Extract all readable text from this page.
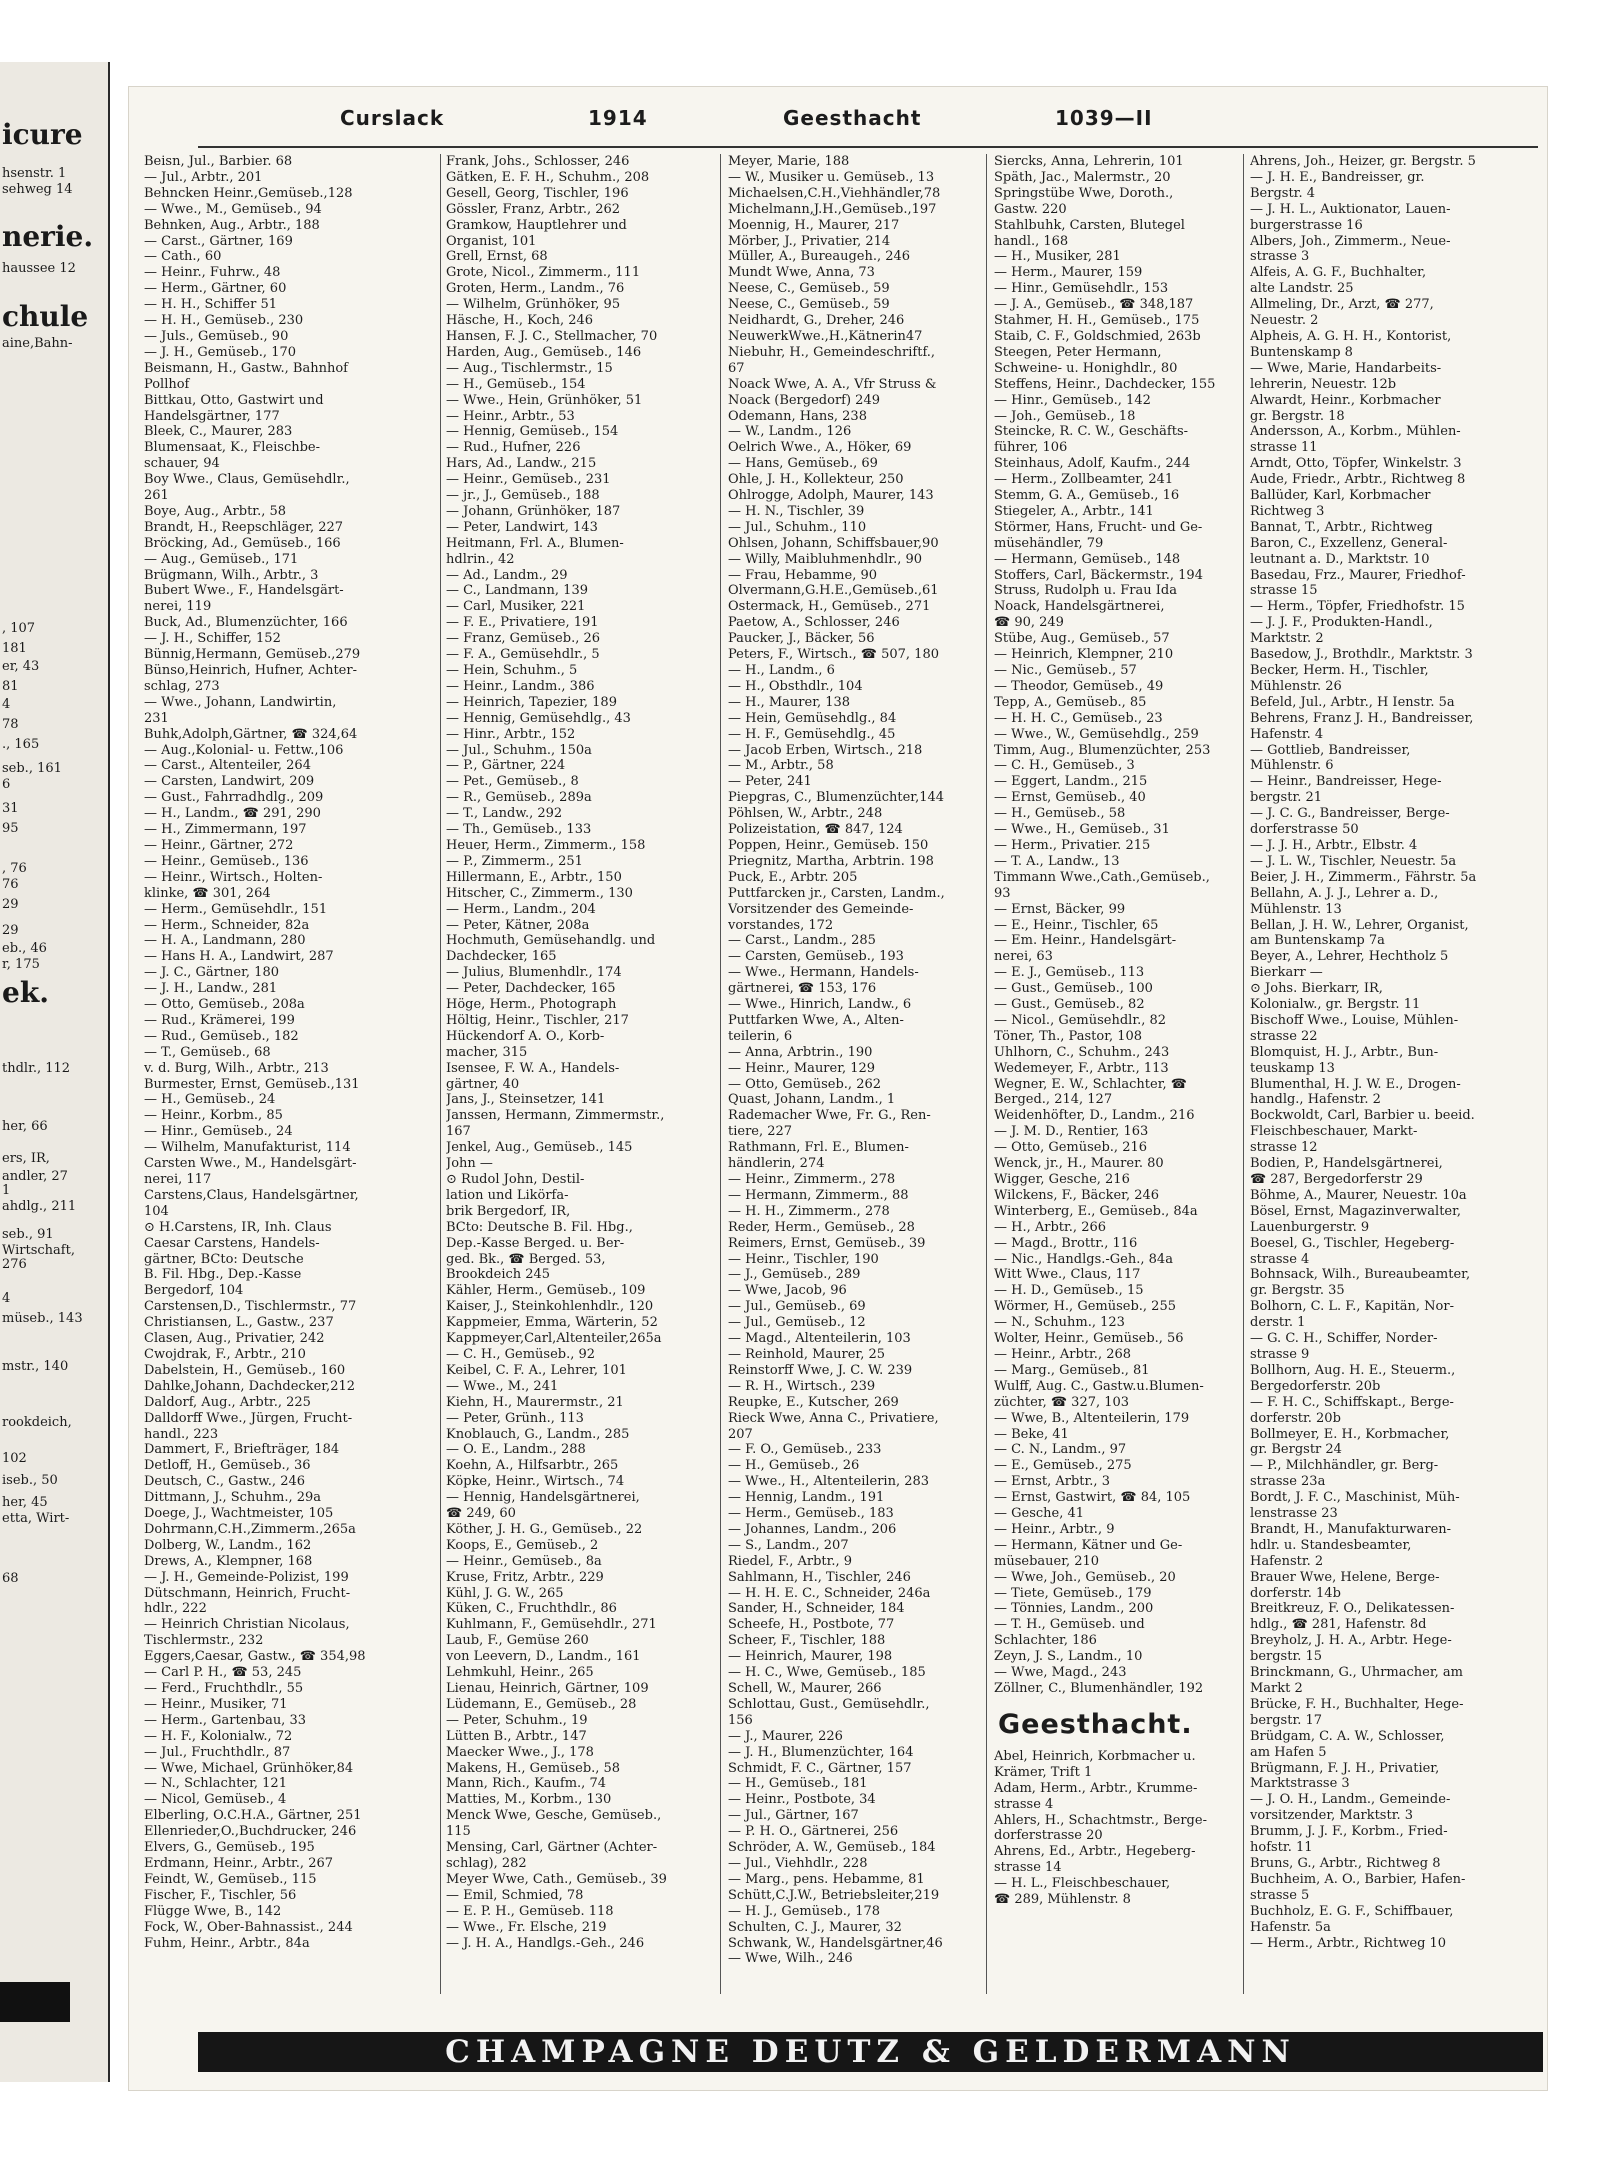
icure
hsenstr. 1
sehweg 14
nerie.
haussee 12
chule
aine,Bahn-
, 107
181
er, 43
81
4
78
., 165
seb., 161
6
31
95
, 76
76
29
29
eb., 46
r, 175
ek.
thdlr., 112
her, 66
ers, IR,
andler, 27
1
ahdlg., 211
seb., 91
Wirtschaft,
276
4
müseb., 143
mstr., 140
rookdeich,
102
iseb., 50
her, 45
etta, Wirt-
68
Curslack	1914	Geesthacht	1039—II
Beisn, Jul., Barbier. 68
— Jul., Arbtr., 201
Behncken Heinr.,Gemüseb.,128
— Wwe., M., Gemüseb., 94
Behnken, Aug., Arbtr., 188
— Carst., Gärtner, 169
— Cath., 60
— Heinr., Fuhrw., 48
— Herm., Gärtner, 60
— H. H., Schiffer 51
— H. H., Gemüseb., 230
— Juls., Gemüseb., 90
— J. H., Gemüseb., 170
Beismann, H., Gastw., Bahnhof
Pollhof
Bittkau, Otto, Gastwirt und
Handelsgärtner, 177
Bleek, C., Maurer, 283
Blumensaat, K., Fleischbe-
schauer, 94
Boy Wwe., Claus, Gemüsehdlr.,
261
Boye, Aug., Arbtr., 58
Brandt, H., Reepschläger, 227
Bröcking, Ad., Gemüseb., 166
— Aug., Gemüseb., 171
Brügmann, Wilh., Arbtr., 3
Bubert Wwe., F., Handelsgärt-
nerei, 119
Buck, Ad., Blumenzüchter, 166
— J. H., Schiffer, 152
Bünnig,Hermann, Gemüseb.,279
Bünso,Heinrich, Hufner, Achter-
schlag, 273
— Wwe., Johann, Landwirtin,
231
Buhk,Adolph,Gärtner, ☎ 324,64
— Aug.,Kolonial- u. Fettw.,106
— Carst., Altenteiler, 264
— Carsten, Landwirt, 209
— Gust., Fahrradhdlg., 209
— H., Landm., ☎ 291, 290
— H., Zimmermann, 197
— Heinr., Gärtner, 272
— Heinr., Gemüseb., 136
— Heinr., Wirtsch., Holten-
klinke, ☎ 301, 264
— Herm., Gemüsehdlr., 151
— Herm., Schneider, 82a
— H. A., Landmann, 280
— Hans H. A., Landwirt, 287
— J. C., Gärtner, 180
— J. H., Landw., 281
— Otto, Gemüseb., 208a
— Rud., Krämerei, 199
— Rud., Gemüseb., 182
— T., Gemüseb., 68
v. d. Burg, Wilh., Arbtr., 213
Burmester, Ernst, Gemüseb.,131
— H., Gemüseb., 24
— Heinr., Korbm., 85
— Hinr., Gemüseb., 24
— Wilhelm, Manufakturist, 114
Carsten Wwe., M., Handelsgärt-
nerei, 117
Carstens,Claus, Handelsgärtner,
104
⊙ H.Carstens, IR, Inh. Claus
Caesar Carstens, Handels-
gärtner, BCto: Deutsche
B. Fil. Hbg., Dep.-Kasse
Bergedorf, 104
Carstensen,D., Tischlermstr., 77
Christiansen, L., Gastw., 237
Clasen, Aug., Privatier, 242
Cwojdrak, F., Arbtr., 210
Dabelstein, H., Gemüseb., 160
Dahlke,Johann, Dachdecker,212
Daldorf, Aug., Arbtr., 225
Dalldorff Wwe., Jürgen, Frucht-
handl., 223
Dammert, F., Briefträger, 184
Detloff, H., Gemüseb., 36
Deutsch, C., Gastw., 246
Dittmann, J., Schuhm., 29a
Doege, J., Wachtmeister, 105
Dohrmann,C.H.,Zimmerm.,265a
Dolberg, W., Landm., 162
Drews, A., Klempner, 168
— J. H., Gemeinde-Polizist, 199
Dütschmann, Heinrich, Frucht-
hdlr., 222
— Heinrich Christian Nicolaus,
Tischlermstr., 232
Eggers,Caesar, Gastw., ☎ 354,98
— Carl P. H., ☎ 53, 245
— Ferd., Fruchthdlr., 55
— Heinr., Musiker, 71
— Herm., Gartenbau, 33
— H. F., Kolonialw., 72
— Jul., Fruchthdlr., 87
— Wwe, Michael, Grünhöker,84
— N., Schlachter, 121
— Nicol, Gemüseb., 4
Elberling, O.C.H.A., Gärtner, 251
Ellenrieder,O.,Buchdrucker, 246
Elvers, G., Gemüseb., 195
Erdmann, Heinr., Arbtr., 267
Feindt, W., Gemüseb., 115
Fischer, F., Tischler, 56
Flügge Wwe, B., 142
Fock, W., Ober-Bahnassist., 244
Fuhm, Heinr., Arbtr., 84a
Frank, Johs., Schlosser, 246
Gätken, E. F. H., Schuhm., 208
Gesell, Georg, Tischler, 196
Gössler, Franz, Arbtr., 262
Gramkow, Hauptlehrer und
Organist, 101
Grell, Ernst, 68
Grote, Nicol., Zimmerm., 111
Groten, Herm., Landm., 76
— Wilhelm, Grünhöker, 95
Häsche, H., Koch, 246
Hansen, F. J. C., Stellmacher, 70
Harden, Aug., Gemüseb., 146
— Aug., Tischlermstr., 15
— H., Gemüseb., 154
— Wwe., Hein, Grünhöker, 51
— Heinr., Arbtr., 53
— Hennig, Gemüseb., 154
— Rud., Hufner, 226
Hars, Ad., Landw., 215
— Heinr., Gemüseb., 231
— jr., J., Gemüseb., 188
— Johann, Grünhöker, 187
— Peter, Landwirt, 143
Heitmann, Frl. A., Blumen-
hdlrin., 42
— Ad., Landm., 29
— C., Landmann, 139
— Carl, Musiker, 221
— F. E., Privatiere, 191
— Franz, Gemüseb., 26
— F. A., Gemüsehdlr., 5
— Hein, Schuhm., 5
— Heinr., Landm., 386
— Heinrich, Tapezier, 189
— Hennig, Gemüsehdlg., 43
— Hinr., Arbtr., 152
— Jul., Schuhm., 150a
— P., Gärtner, 224
— Pet., Gemüseb., 8
— R., Gemüseb., 289a
— T., Landw., 292
— Th., Gemüseb., 133
Heuer, Herm., Zimmerm., 158
— P., Zimmerm., 251
Hillermann, E., Arbtr., 150
Hitscher, C., Zimmerm., 130
— Herm., Landm., 204
— Peter, Kätner, 208a
Hochmuth, Gemüsehandlg. und
Dachdecker, 165
— Julius, Blumenhdlr., 174
— Peter, Dachdecker, 165
Höge, Herm., Photograph
Höltig, Heinr., Tischler, 217
Hückendorf A. O., Korb-
macher, 315
Isensee, F. W. A., Handels-
gärtner, 40
Jans, J., Steinsetzer, 141
Janssen, Hermann, Zimmermstr.,
167
Jenkel, Aug., Gemüseb., 145
John —
⊙ Rudol John, Destil-
lation und Likörfa-
brik Bergedorf, IR,
BCto: Deutsche B. Fil. Hbg.,
Dep.-Kasse Berged. u. Ber-
ged. Bk., ☎ Berged. 53,
Brookdeich 245
Kähler, Herm., Gemüseb., 109
Kaiser, J., Steinkohlenhdlr., 120
Kappmeier, Emma, Wärterin, 52
Kappmeyer,Carl,Altenteiler,265a
— C. H., Gemüseb., 92
Keibel, C. F. A., Lehrer, 101
— Wwe., M., 241
Kiehn, H., Maurermstr., 21
— Peter, Grünh., 113
Knoblauch, G., Landm., 285
— O. E., Landm., 288
Koehn, A., Hilfsarbtr., 265
Köpke, Heinr., Wirtsch., 74
— Hennig, Handelsgärtnerei,
☎ 249, 60
Köther, J. H. G., Gemüseb., 22
Koops, E., Gemüseb., 2
— Heinr., Gemüseb., 8a
Kruse, Fritz, Arbtr., 229
Kühl, J. G. W., 265
Küken, C., Fruchthdlr., 86
Kuhlmann, F., Gemüsehdlr., 271
Laub, F., Gemüse 260
von Leevern, D., Landm., 161
Lehmkuhl, Heinr., 265
Lienau, Heinrich, Gärtner, 109
Lüdemann, E., Gemüseb., 28
— Peter, Schuhm., 19
Lütten B., Arbtr., 147
Maecker Wwe., J., 178
Makens, H., Gemüseb., 58
Mann, Rich., Kaufm., 74
Matties, M., Korbm., 130
Menck Wwe, Gesche, Gemüseb.,
115
Mensing, Carl, Gärtner (Achter-
schlag), 282
Meyer Wwe, Cath., Gemüseb., 39
— Emil, Schmied, 78
— E. P. H., Gemüseb. 118
— Wwe., Fr. Elsche, 219
— J. H. A., Handlgs.-Geh., 246
Meyer, Marie, 188
— W., Musiker u. Gemüseb., 13
Michaelsen,C.H.,Viehhändler,78
Michelmann,J.H.,Gemüseb.,197
Moennig, H., Maurer, 217
Mörber, J., Privatier, 214
Müller, A., Bureaugeh., 246
Mundt Wwe, Anna, 73
Neese, C., Gemüseb., 59
Neese, C., Gemüseb., 59
Neidhardt, G., Dreher, 246
NeuwerkWwe.,H.,Kätnerin47
Niebuhr, H., Gemeindeschriftf.,
67
Noack Wwe, A. A., Vfr Struss &
Noack (Bergedorf) 249
Odemann, Hans, 238
— W., Landm., 126
Oelrich Wwe., A., Höker, 69
— Hans, Gemüseb., 69
Ohle, J. H., Kollekteur, 250
Ohlrogge, Adolph, Maurer, 143
— H. N., Tischler, 39
— Jul., Schuhm., 110
Ohlsen, Johann, Schiffsbauer,90
— Willy, Maibluhmenhdlr., 90
— Frau, Hebamme, 90
Olvermann,G.H.E.,Gemüseb.,61
Ostermack, H., Gemüseb., 271
Paetow, A., Schlosser, 246
Paucker, J., Bäcker, 56
Peters, F., Wirtsch., ☎ 507, 180
— H., Landm., 6
— H., Obsthdlr., 104
— H., Maurer, 138
— Hein, Gemüsehdlg., 84
— H. F., Gemüsehdlg., 45
— Jacob Erben, Wirtsch., 218
— M., Arbtr., 58
— Peter, 241
Piepgras, C., Blumenzüchter,144
Pöhlsen, W., Arbtr., 248
Polizeistation, ☎ 847, 124
Poppen, Heinr., Gemüseb. 150
Priegnitz, Martha, Arbtrin. 198
Puck, E., Arbtr. 205
Puttfarcken jr., Carsten, Landm.,
Vorsitzender des Gemeinde-
vorstandes, 172
— Carst., Landm., 285
— Carsten, Gemüseb., 193
— Wwe., Hermann, Handels-
gärtnerei, ☎ 153, 176
— Wwe., Hinrich, Landw., 6
Puttfarken Wwe, A., Alten-
teilerin, 6
— Anna, Arbtrin., 190
— Heinr., Maurer, 129
— Otto, Gemüseb., 262
Quast, Johann, Landm., 1
Rademacher Wwe, Fr. G., Ren-
tiere, 227
Rathmann, Frl. E., Blumen-
händlerin, 274
— Heinr., Zimmerm., 278
— Hermann, Zimmerm., 88
— H. H., Zimmerm., 278
Reder, Herm., Gemüseb., 28
Reimers, Ernst, Gemüseb., 39
— Heinr., Tischler, 190
— J., Gemüseb., 289
— Wwe, Jacob, 96
— Jul., Gemüseb., 69
— Jul., Gemüseb., 12
— Magd., Altenteilerin, 103
— Reinhold, Maurer, 25
Reinstorff Wwe, J. C. W. 239
— R. H., Wirtsch., 239
Reupke, E., Kutscher, 269
Rieck Wwe, Anna C., Privatiere,
207
— F. O., Gemüseb., 233
— H., Gemüseb., 26
— Wwe., H., Altenteilerin, 283
— Hennig, Landm., 191
— Herm., Gemüseb., 183
— Johannes, Landm., 206
— S., Landm., 207
Riedel, F., Arbtr., 9
Sahlmann, H., Tischler, 246
— H. H. E. C., Schneider, 246a
Sander, H., Schneider, 184
Scheefe, H., Postbote, 77
Scheer, F., Tischler, 188
— Heinrich, Maurer, 198
— H. C., Wwe, Gemüseb., 185
Schell, W., Maurer, 266
Schlottau, Gust., Gemüsehdlr.,
156
— J., Maurer, 226
— J. H., Blumenzüchter, 164
Schmidt, F. C., Gärtner, 157
— H., Gemüseb., 181
— Heinr., Postbote, 34
— Jul., Gärtner, 167
— P. H. O., Gärtnerei, 256
Schröder, A. W., Gemüseb., 184
— Jul., Viehhdlr., 228
— Marg., pens. Hebamme, 81
Schütt,C.J.W., Betriebsleiter,219
— H. J., Gemüseb., 178
Schulten, C. J., Maurer, 32
Schwank, W., Handelsgärtner,46
— Wwe, Wilh., 246
Siercks, Anna, Lehrerin, 101
Späth, Jac., Malermstr., 20
Springstübe Wwe, Doroth.,
Gastw. 220
Stahlbuhk, Carsten, Blutegel
handl., 168
— H., Musiker, 281
— Herm., Maurer, 159
— Hinr., Gemüsehdlr., 153
— J. A., Gemüseb., ☎ 348,187
Stahmer, H. H., Gemüseb., 175
Staib, C. F., Goldschmied, 263b
Steegen, Peter Hermann,
Schweine- u. Honighdlr., 80
Steffens, Heinr., Dachdecker, 155
— Hinr., Gemüseb., 142
— Joh., Gemüseb., 18
Steincke, R. C. W., Geschäfts-
führer, 106
Steinhaus, Adolf, Kaufm., 244
— Herm., Zollbeamter, 241
Stemm, G. A., Gemüseb., 16
Stiegeler, A., Arbtr., 141
Störmer, Hans, Frucht- und Ge-
müsehändler, 79
— Hermann, Gemüseb., 148
Stoffers, Carl, Bäckermstr., 194
Struss, Rudolph u. Frau Ida
Noack, Handelsgärtnerei,
☎ 90, 249
Stübe, Aug., Gemüseb., 57
— Heinrich, Klempner, 210
— Nic., Gemüseb., 57
— Theodor, Gemüseb., 49
Tepp, A., Gemüseb., 85
— H. H. C., Gemüseb., 23
— Wwe., W., Gemüsehdlg., 259
Timm, Aug., Blumenzüchter, 253
— C. H., Gemüseb., 3
— Eggert, Landm., 215
— Ernst, Gemüseb., 40
— H., Gemüseb., 58
— Wwe., H., Gemüseb., 31
— Herm., Privatier. 215
— T. A., Landw., 13
Timmann Wwe.,Cath.,Gemüseb.,
93
— Ernst, Bäcker, 99
— E., Heinr., Tischler, 65
— Em. Heinr., Handelsgärt-
nerei, 63
— E. J., Gemüseb., 113
— Gust., Gemüseb., 100
— Gust., Gemüseb., 82
— Nicol., Gemüsehdlr., 82
Töner, Th., Pastor, 108
Uhlhorn, C., Schuhm., 243
Wedemeyer, F., Arbtr., 113
Wegner, E. W., Schlachter, ☎
Berged., 214, 127
Weidenhöfter, D., Landm., 216
— J. M. D., Rentier, 163
— Otto, Gemüseb., 216
Wenck, jr., H., Maurer. 80
Wigger, Gesche, 216
Wilckens, F., Bäcker, 246
Winterberg, E., Gemüseb., 84a
— H., Arbtr., 266
— Magd., Brottr., 116
— Nic., Handlgs.-Geh., 84a
Witt Wwe., Claus, 117
— H. D., Gemüseb., 15
Wörmer, H., Gemüseb., 255
— N., Schuhm., 123
Wolter, Heinr., Gemüseb., 56
— Heinr., Arbtr., 268
— Marg., Gemüseb., 81
Wulff, Aug. C., Gastw.u.Blumen-
züchter, ☎ 327, 103
— Wwe, B., Altenteilerin, 179
— Beke, 41
— C. N., Landm., 97
— E., Gemüseb., 275
— Ernst, Arbtr., 3
— Ernst, Gastwirt, ☎ 84, 105
— Gesche, 41
— Heinr., Arbtr., 9
— Hermann, Kätner und Ge-
müsebauer, 210
— Wwe, Joh., Gemüseb., 20
— Tiete, Gemüseb., 179
— Tönnies, Landm., 200
— T. H., Gemüseb. und
Schlachter, 186
Zeyn, J. S., Landm., 10
— Wwe, Magd., 243
Zöllner, C., Blumenhändler, 192
Geesthacht.
Abel, Heinrich, Korbmacher u.
Krämer, Trift 1
Adam, Herm., Arbtr., Krumme-
strasse 4
Ahlers, H., Schachtmstr., Berge-
dorferstrasse 20
Ahrens, Ed., Arbtr., Hegeberg-
strasse 14
— H. L., Fleischbeschauer,
☎ 289, Mühlenstr. 8
Ahrens, Joh., Heizer, gr. Bergstr. 5
— J. H. E., Bandreisser, gr.
Bergstr. 4
— J. H. L., Auktionator, Lauen-
burgerstrasse 16
Albers, Joh., Zimmerm., Neue-
strasse 3
Alfeis, A. G. F., Buchhalter,
alte Landstr. 25
Allmeling, Dr., Arzt, ☎ 277,
Neuestr. 2
Alpheis, A. G. H. H., Kontorist,
Buntenskamp 8
— Wwe, Marie, Handarbeits-
lehrerin, Neuestr. 12b
Alwardt, Heinr., Korbmacher
gr. Bergstr. 18
Andersson, A., Korbm., Mühlen-
strasse 11
Arndt, Otto, Töpfer, Winkelstr. 3
Aude, Friedr., Arbtr., Richtweg 8
Ballüder, Karl, Korbmacher
Richtweg 3
Bannat, T., Arbtr., Richtweg
Baron, C., Exzellenz, General-
leutnant a. D., Marktstr. 10
Basedau, Frz., Maurer, Friedhof-
strasse 15
— Herm., Töpfer, Friedhofstr. 15
— J. J. F., Produkten-Handl.,
Marktstr. 2
Basedow, J., Brothdlr., Marktstr. 3
Becker, Herm. H., Tischler,
Mühlenstr. 26
Befeld, Jul., Arbtr., H Ienstr. 5a
Behrens, Franz J. H., Bandreisser,
Hafenstr. 4
— Gottlieb, Bandreisser,
Mühlenstr. 6
— Heinr., Bandreisser, Hege-
bergstr. 21
— J. C. G., Bandreisser, Berge-
dorferstrasse 50
— J. J. H., Arbtr., Elbstr. 4
— J. L. W., Tischler, Neuestr. 5a
Beier, J. H., Zimmerm., Fährstr. 5a
Bellahn, A. J. J., Lehrer a. D.,
Mühlenstr. 13
Bellan, J. H. W., Lehrer, Organist,
am Buntenskamp 7a
Beyer, A., Lehrer, Hechtholz 5
Bierkarr —
⊙ Johs. Bierkarr, IR,
Kolonialw., gr. Bergstr. 11
Bischoff Wwe., Louise, Mühlen-
strasse 22
Blomquist, H. J., Arbtr., Bun-
teuskamp 13
Blumenthal, H. J. W. E., Drogen-
handlg., Hafenstr. 2
Bockwoldt, Carl, Barbier u. beeid.
Fleischbeschauer, Markt-
strasse 12
Bodien, P., Handelsgärtnerei,
☎ 287, Bergedorferstr 29
Böhme, A., Maurer, Neuestr. 10a
Bösel, Ernst, Magazinverwalter,
Lauenburgerstr. 9
Boesel, G., Tischler, Hegeberg-
strasse 4
Bohnsack, Wilh., Bureaubeamter,
gr. Bergstr. 35
Bolhorn, C. L. F., Kapitän, Nor-
derstr. 1
— G. C. H., Schiffer, Norder-
strasse 9
Bollhorn, Aug. H. E., Steuerm.,
Bergedorferstr. 20b
— F. H. C., Schiffskapt., Berge-
dorferstr. 20b
Bollmeyer, E. H., Korbmacher,
gr. Bergstr 24
— P., Milchhändler, gr. Berg-
strasse 23a
Bordt, J. F. C., Maschinist, Müh-
lenstrasse 23
Brandt, H., Manufakturwaren-
hdlr. u. Standesbeamter,
Hafenstr. 2
Brauer Wwe, Helene, Berge-
dorferstr. 14b
Breitkreuz, F. O., Delikatessen-
hdlg., ☎ 281, Hafenstr. 8d
Breyholz, J. H. A., Arbtr. Hege-
bergstr. 15
Brinckmann, G., Uhrmacher, am
Markt 2
Brücke, F. H., Buchhalter, Hege-
bergstr. 17
Brüdgam, C. A. W., Schlosser,
am Hafen 5
Brügmann, F. J. H., Privatier,
Marktstrasse 3
— J. O. H., Landm., Gemeinde-
vorsitzender, Marktstr. 3
Brumm, J. J. F., Korbm., Fried-
hofstr. 11
Bruns, G., Arbtr., Richtweg 8
Buchheim, A. O., Barbier, Hafen-
strasse 5
Buchholz, E. G. F., Schiffbauer,
Hafenstr. 5a
— Herm., Arbtr., Richtweg 10
CHAMPAGNE DEUTZ & GELDERMANN
